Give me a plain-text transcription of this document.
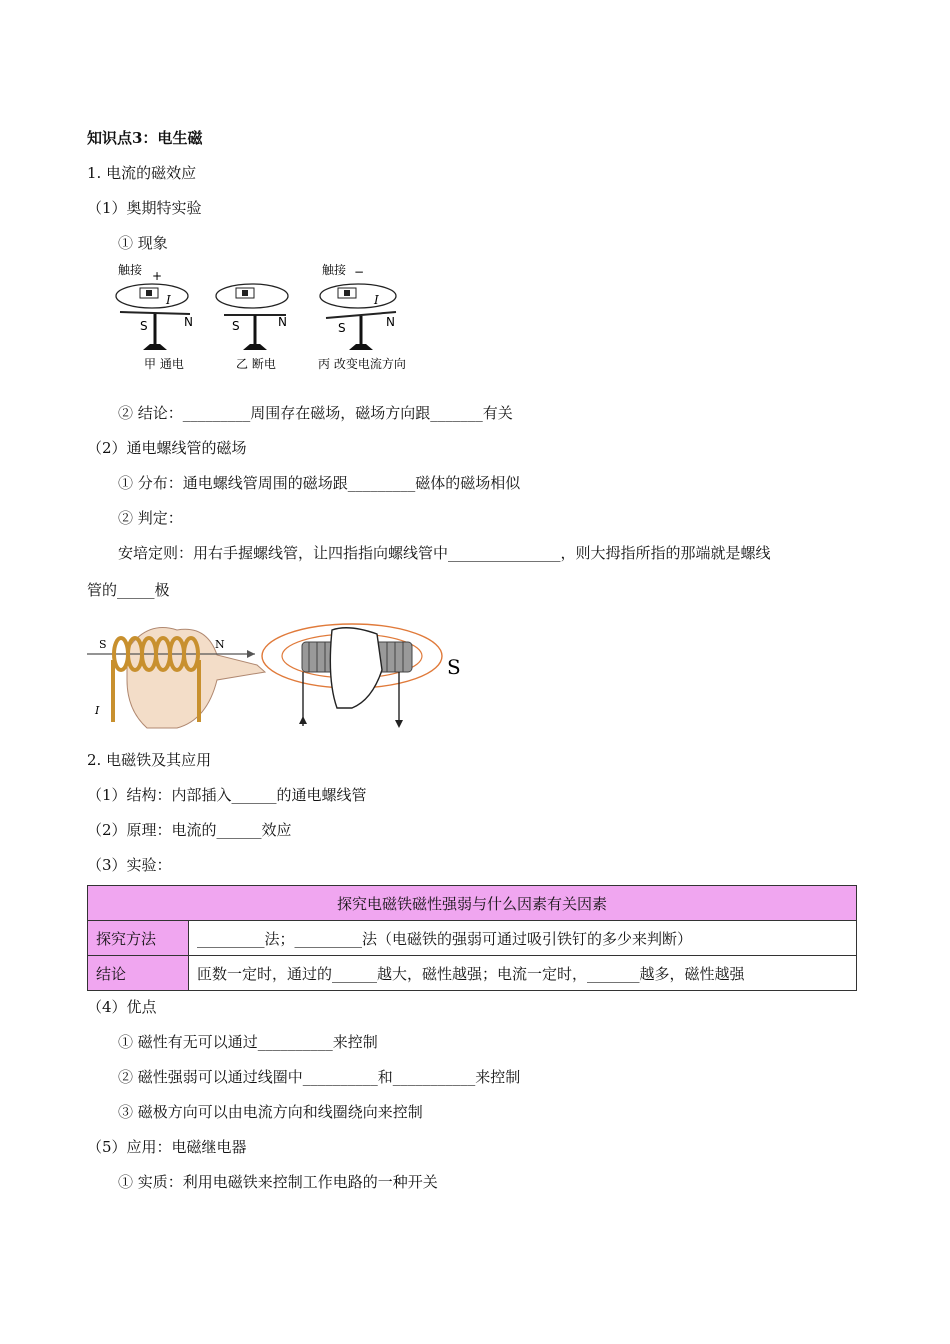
知识点3：电生磁
1. 电流的磁效应
（1）奥期特实验
① 现象
触接 +
S	N
I
甲 通电
S	N
乙 断电
触接 −
S	N
I
丙 改变电流方向
② 结论：_________周围存在磁场，磁场方向跟_______有关
（2）通电螺线管的磁场
① 分布：通电螺线管周围的磁场跟_________磁体的磁场相似
② 判定：
安培定则：用右手握螺线管，让四指指向螺线管中_______________，则大拇指所指的那端就是螺线
管的_____极
S	N
I
S
2. 电磁铁及其应用
（1）结构：内部插入______的通电螺线管
（2）原理：电流的______效应
（3）实验：
探究电磁铁磁性强弱与什么因素有关因素	
探究方法	_________法；_________法（电磁铁的强弱可通过吸引铁钉的多少来判断）
结论	匝数一定时，通过的______越大，磁性越强；电流一定时，_______越多，磁性越强
（4）优点
① 磁性有无可以通过__________来控制
② 磁性强弱可以通过线圈中__________和___________来控制
③ 磁极方向可以由电流方向和线圈绕向来控制
（5）应用：电磁继电器
① 实质：利用电磁铁来控制工作电路的一种开关
